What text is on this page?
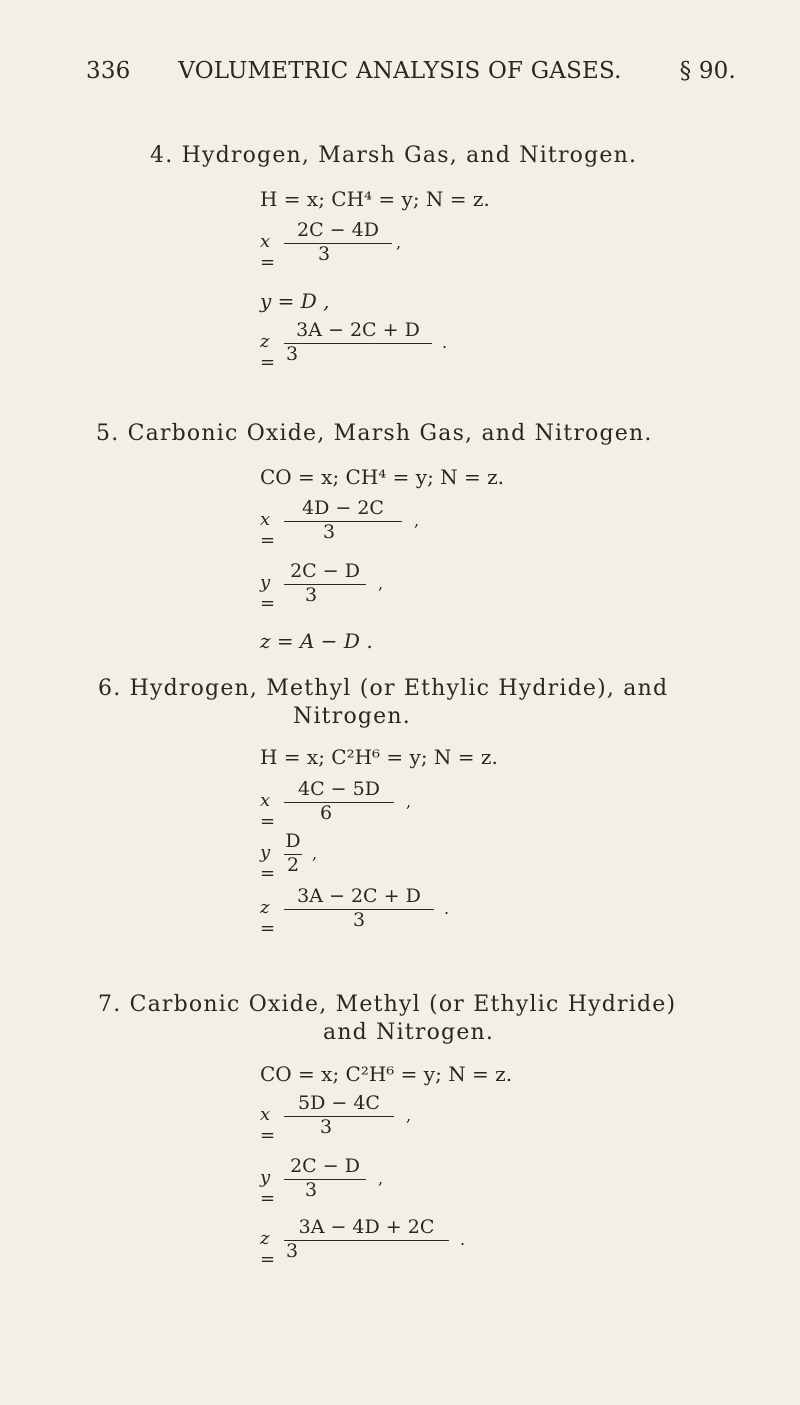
336	VOLUMETRIC ANALYSIS OF GASES.	§ 90.
4. Hydrogen, Marsh Gas, and Nitrogen.
H = x; CH⁴ = y; N = z.
x =
2C − 4D
3
,
y = D ,
z =
3A − 2C + D
3
.
5. Carbonic Oxide, Marsh Gas, and Nitrogen.
CO = x; CH⁴ = y; N = z.
x =
4D − 2C
3
,
y =
2C − D
3
,
z = A − D .
6. Hydrogen, Methyl (or Ethylic Hydride), and
Nitrogen.
H = x; C²H⁶ = y; N = z.
x =
4C − 5D
6
,
y =
D
2
,
z =
3A − 2C + D
3
.
7. Carbonic Oxide, Methyl (or Ethylic Hydride)
and Nitrogen.
CO = x; C²H⁶ = y; N = z.
x =
5D − 4C
3
,
y =
2C − D
3
,
z =
3A − 4D + 2C
3
.
